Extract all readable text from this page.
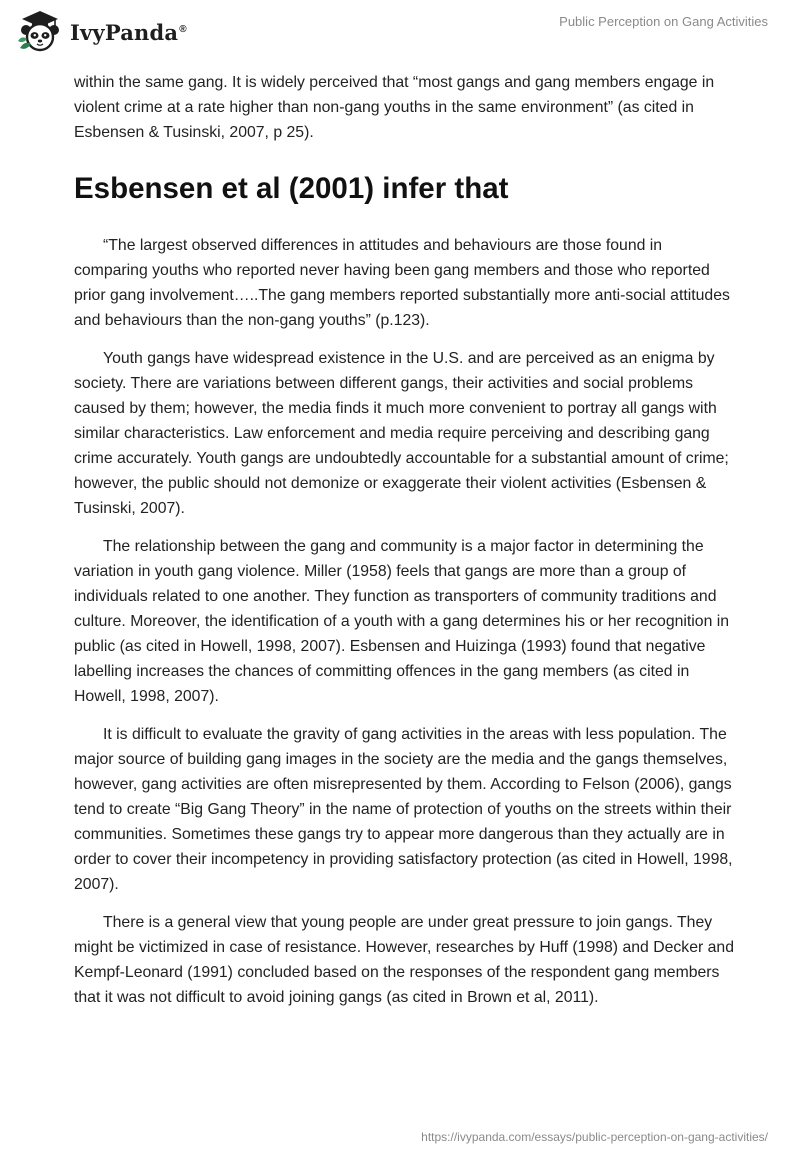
IvyPanda®	Public Perception on Gang Activities

within the same gang. It is widely perceived that “most gangs and gang members engage in violent crime at a rate higher than non-gang youths in the same environment” (as cited in Esbensen & Tusinski, 2007, p 25).

Esbensen et al (2001) infer that

“The largest observed differences in attitudes and behaviours are those found in comparing youths who reported never having been gang members and those who reported prior gang involvement…..The gang members reported substantially more anti-social attitudes and behaviours than the non-gang youths” (p.123).

Youth gangs have widespread existence in the U.S. and are perceived as an enigma by society. There are variations between different gangs, their activities and social problems caused by them; however, the media finds it much more convenient to portray all gangs with similar characteristics. Law enforcement and media require perceiving and describing gang crime accurately. Youth gangs are undoubtedly accountable for a substantial amount of crime; however, the public should not demonize or exaggerate their violent activities (Esbensen & Tusinski, 2007).

The relationship between the gang and community is a major factor in determining the variation in youth gang violence. Miller (1958) feels that gangs are more than a group of individuals related to one another. They function as transporters of community traditions and culture. Moreover, the identification of a youth with a gang determines his or her recognition in public (as cited in Howell, 1998, 2007). Esbensen and Huizinga (1993) found that negative labelling increases the chances of committing offences in the gang members (as cited in Howell, 1998, 2007).

It is difficult to evaluate the gravity of gang activities in the areas with less population. The major source of building gang images in the society are the media and the gangs themselves, however, gang activities are often misrepresented by them. According to Felson (2006), gangs tend to create “Big Gang Theory” in the name of protection of youths on the streets within their communities. Sometimes these gangs try to appear more dangerous than they actually are in order to cover their incompetency in providing satisfactory protection (as cited in Howell, 1998, 2007).

There is a general view that young people are under great pressure to join gangs. They might be victimized in case of resistance. However, researches by Huff (1998) and Decker and Kempf-Leonard (1991) concluded based on the responses of the respondent gang members that it was not difficult to avoid joining gangs (as cited in Brown et al, 2011).

https://ivypanda.com/essays/public-perception-on-gang-activities/
